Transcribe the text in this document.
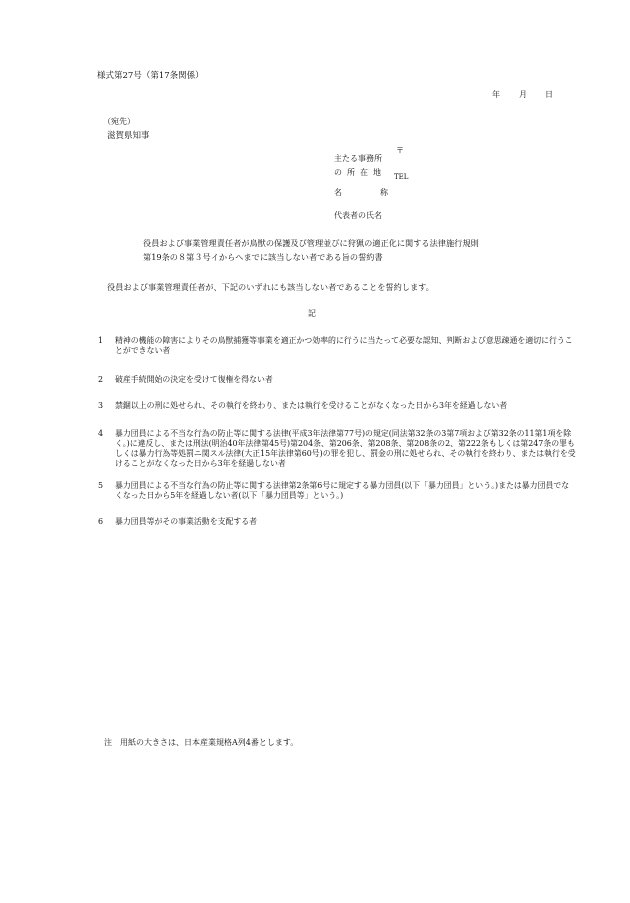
様式第27号（第17条関係）
年 月 日
（宛先）
滋賀県知事
〒
主たる事務所
の所在地 TEL
名	称
代表者の氏名
役員および事業管理責任者が鳥獣の保護及び管理並びに狩猟の適正化に関する法律施行規則
第19条の８第３号イからへまでに該当しない者である旨の誓約書
役員および事業管理責任者が、下記のいずれにも該当しない者であることを誓約します。
記
1 精神の機能の障害によりその鳥獣捕獲等事業を適正かつ効率的に行うに当たって必要な認知、判断および意思疎通を適切に行うことができない者
2 破産手続開始の決定を受けて復権を得ない者
3 禁錮以上の刑に処せられ、その執行を終わり、または執行を受けることがなくなった日から3年を経過しない者
4 暴力団員による不当な行為の防止等に関する法律(平成3年法律第77号)の規定(同法第32条の3第7項および第32条の11第1項を除く。)に違反し、または刑法(明治40年法律第45号)第204条、第206条、第208条、第208条の2、第222条もしくは第247条の罪もしくは暴力行為等処罰ニ関スル法律(大正15年法律第60号)の罪を犯し、罰金の刑に処せられ、その執行を終わり、または執行を受けることがなくなった日から3年を経過しない者
5 暴力団員による不当な行為の防止等に関する法律第2条第6号に規定する暴力団員(以下「暴力団員」という。)または暴力団員でなくなった日から5年を経過しない者(以下「暴力団員等」という。)
6 暴力団員等がその事業活動を支配する者
注　用紙の大きさは、日本産業規格A列4番とします。
